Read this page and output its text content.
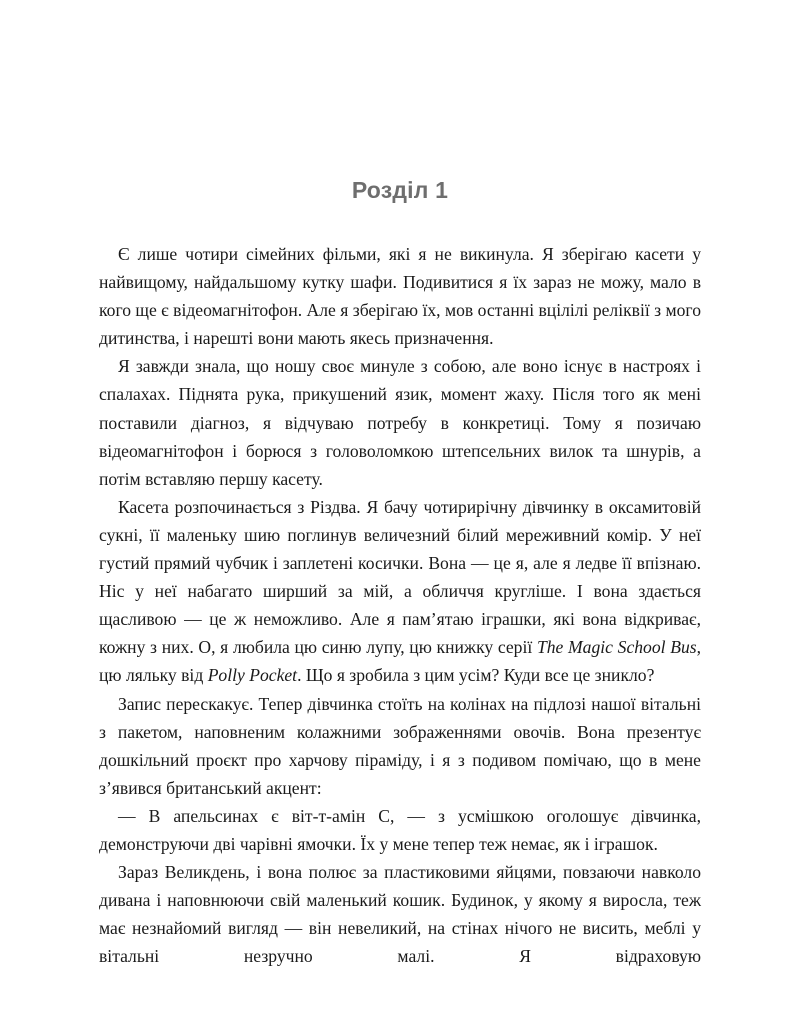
Розділ 1

Є лише чотири сімейних фільми, які я не викинула. Я зберігаю касети у найвищому, найдальшому кутку шафи. Подивитися я їх зараз не можу, мало в кого ще є відеомагнітофон. Але я зберігаю їх, мов останні вцілілі реліквії з мого дитинства, і нарешті вони мають якесь призначення.

Я завжди знала, що ношу своє минуле з собою, але воно існує в настроях і спалахах. Піднята рука, прикушений язик, момент жаху. Після того як мені поставили діагноз, я відчуваю потребу в конкретиці. Тому я позичаю відеомагнітофон і борюся з головоломкою штепсельних вилок та шнурів, а потім вставляю першу касету.

Касета розпочинається з Різдва. Я бачу чотирирічну дівчинку в оксамитовій сукні, її маленьку шию поглинув величезний білий мереживний комір. У неї густий прямий чубчик і заплетені косички. Вона — це я, але я ледве її впізнаю. Ніс у неї набагато ширший за мій, а обличчя кругліше. І вона здається щасливою — це ж неможливо. Але я пам’ятаю іграшки, які вона відкриває, кожну з них. О, я любила цю синю лупу, цю книжку серії The Magic School Bus, цю ляльку від Polly Pocket. Що я зробила з цим усім? Куди все це зникло?

Запис перескакує. Тепер дівчинка стоїть на колінах на підлозі нашої вітальні з пакетом, наповненим колажними зображеннями овочів. Вона презентує дошкільний проєкт про харчову піраміду, і я з подивом помічаю, що в мене з’явився британський акцент:

— В апельсинах є віт-т-амін С, — з усмішкою оголошує дівчинка, демонструючи дві чарівні ямочки. Їх у мене тепер теж немає, як і іграшок.

Зараз Великдень, і вона полює за пластиковими яйцями, повзаючи навколо дивана і наповнюючи свій маленький кошик. Будинок, у якому я виросла, теж має незнайомий вигляд — він невеликий, на стінах нічого не висить, меблі у вітальні незручно малі. Я відраховую
